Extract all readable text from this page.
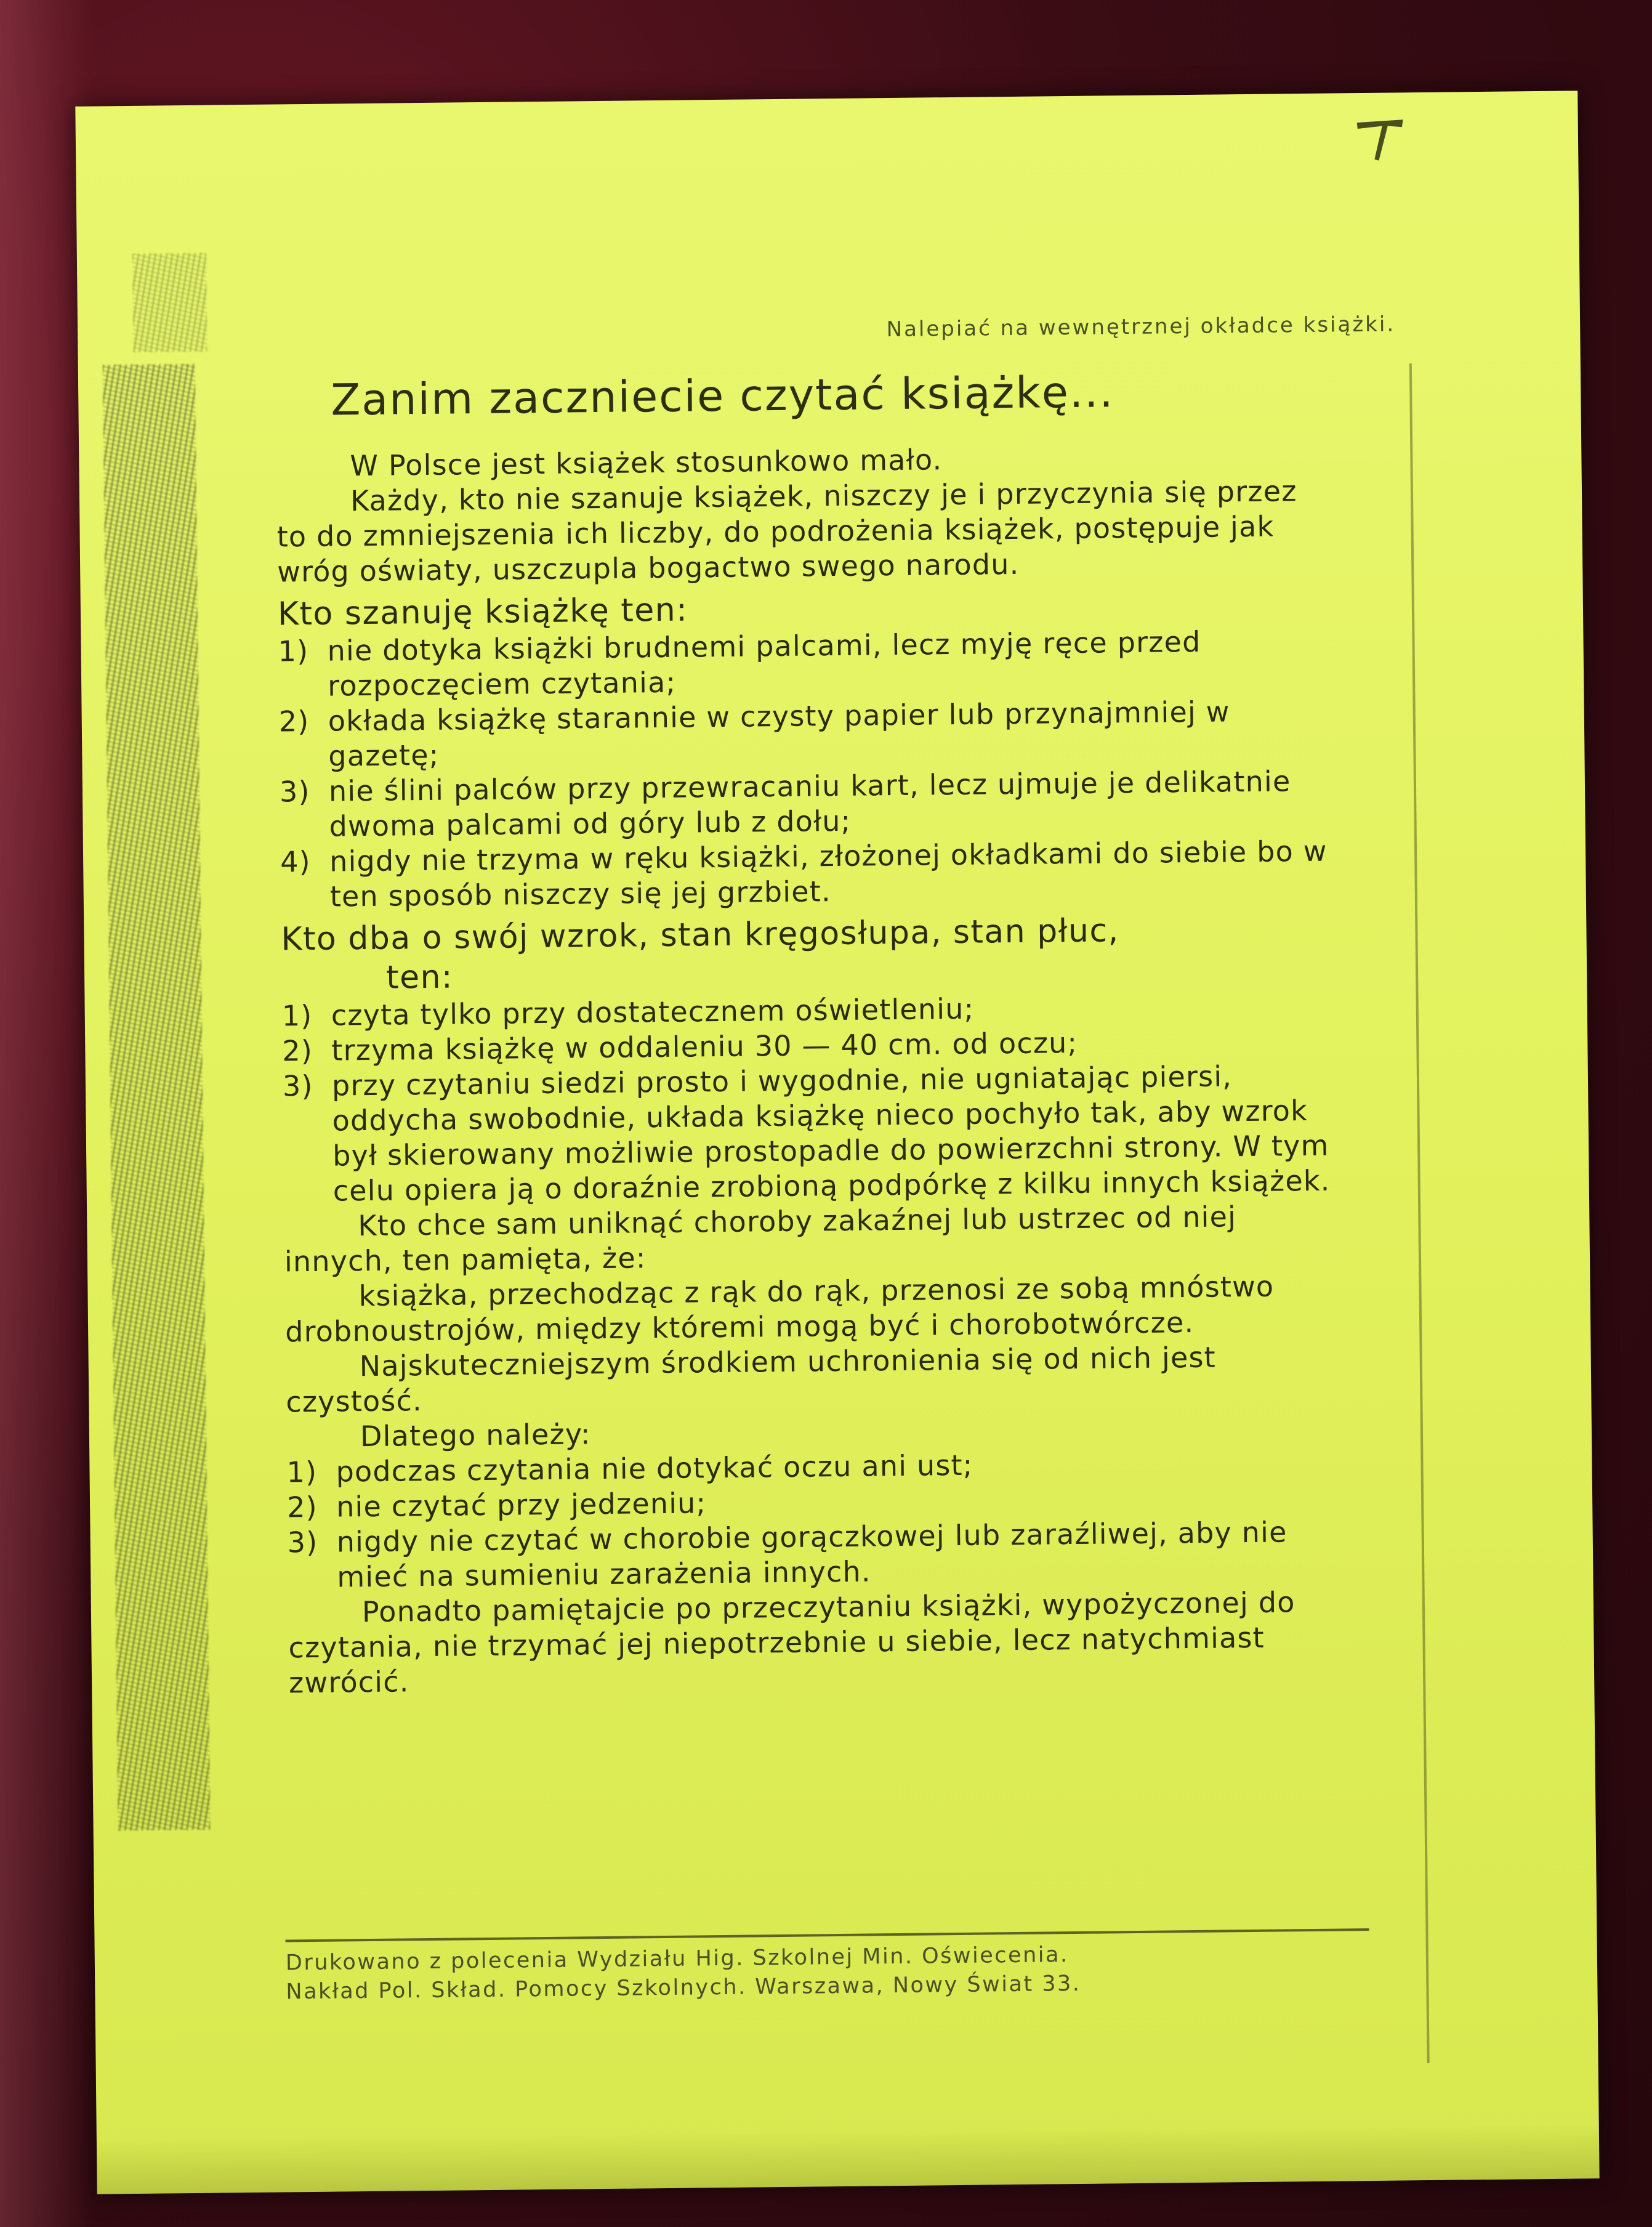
Nalepiać na wewnętrznej okładce książki.
Zanim zaczniecie czytać książkę...

W Polsce jest książek stosunkowo mało.

Każdy, kto nie szanuje książek, niszczy je i przyczynia się przez to do zmniejszenia ich liczby, do podrożenia książek, postępuje jak wróg oświaty, uszczupla bogactwo swego narodu.

Kto szanuję książkę ten:

1) nie dotyka książki brudnemi palcami, lecz myję ręce przed rozpoczęciem czytania;
2) okłada książkę starannie w czysty papier lub przynajmniej w gazetę;
3) nie ślini palców przy przewracaniu kart, lecz ujmuje je delikatnie dwoma palcami od góry lub z dołu;
4) nigdy nie trzyma w ręku książki, złożonej okładkami do siebie bo w ten sposób niszczy się jej grzbiet.

Kto dba o swój wzrok, stan kręgosłupa, stan płuc,

ten:

1) czyta tylko przy dostatecznem oświetleniu;
2) trzyma książkę w oddaleniu 30 — 40 cm. od oczu;
3) przy czytaniu siedzi prosto i wygodnie, nie ugniatając piersi, oddycha swobodnie, układa książkę nieco pochyło tak, aby wzrok był skierowany możliwie prostopadle do powierzchni strony. W tym celu opiera ją o doraźnie zrobioną podpórkę z kilku innych książek.

Kto chce sam uniknąć choroby zakaźnej lub ustrzec od niej innych, ten pamięta, że:

książka, przechodząc z rąk do rąk, przenosi ze sobą mnóstwo drobnoustrojów, między któremi mogą być i chorobotwórcze.

Najskuteczniejszym środkiem uchronienia się od nich jest czystość.

Dlatego należy:

1) podczas czytania nie dotykać oczu ani ust;
2) nie czytać przy jedzeniu;
3) nigdy nie czytać w chorobie gorączkowej lub zaraźliwej, aby nie mieć na sumieniu zarażenia innych.

Ponadto pamiętajcie po przeczytaniu książki, wypożyczonej do czytania, nie trzymać jej niepotrzebnie u siebie, lecz natychmiast zwrócić.

Drukowano z polecenia Wydziału Hig. Szkolnej Min. Oświecenia.
Nakład Pol. Skład. Pomocy Szkolnych. Warszawa, Nowy Świat 33.
